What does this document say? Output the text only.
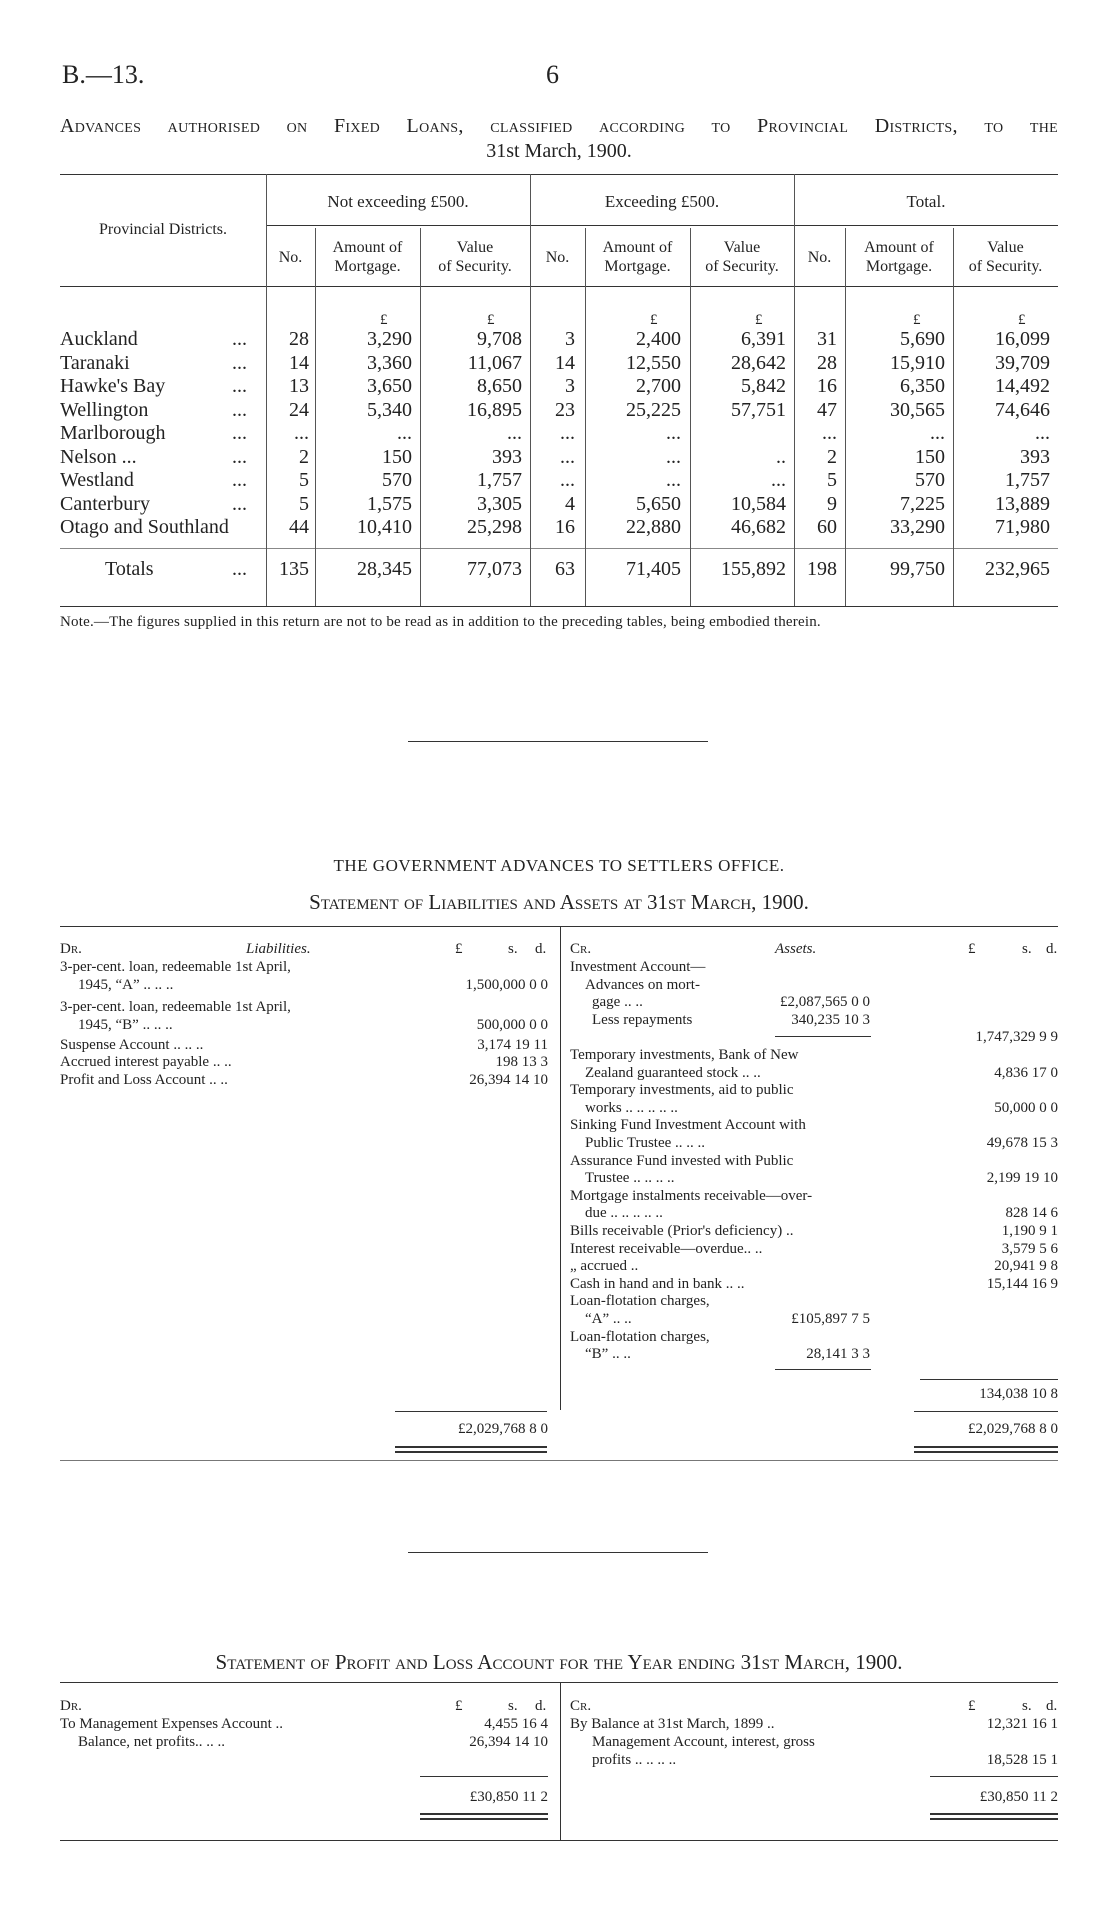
B.—13.	6
Advances authorised on Fixed Loans, classified according to Provincial Districts, to the
31st March, 1900.
Provincial Districts.
Not exceeding £500.	Exceeding £500.	Total.
No.
Amount of
Mortgage.
Value
of Security.
No.
Amount of
Mortgage.
Value
of Security.
No.
Amount of
Mortgage.
Value
of Security.
£	£	£	£	£	£
Auckland	...	28	3,290	9,708	3	2,400	6,391	31	5,690	16,099
Taranaki	...	14	3,360	11,067	14	12,550	28,642	28	15,910	39,709
Hawke's Bay	...	13	3,650	8,650	3	2,700	5,842	16	6,350	14,492
Wellington	...	24	5,340	16,895	23	25,225	57,751	47	30,565	74,646
Marlborough	...	...	...	...	...	...	...	...	...
Nelson ...	...	2	150	393	...	...	..	2	150	393
Westland	...	5	570	1,757	...	...	...	5	570	1,757
Canterbury	...	5	1,575	3,305	4	5,650	10,584	9	7,225	13,889
Otago and Southland	44	10,410	25,298	16	22,880	46,682	60	33,290	71,980
Totals	...	135	28,345	77,073	63	71,405	155,892	198	99,750	232,965
Note.—The figures supplied in this return are not to be read as in addition to the preceding tables, being embodied therein.
THE GOVERNMENT ADVANCES TO SETTLERS OFFICE.
Statement of Liabilities and Assets at 31st March, 1900.
Dr.	Liabilities.	£	s. d. Cr.	Assets.	£	s. d.
3-per-cent. loan, redeemable 1st April,
1945, “A” .. .. ..	1,500,000 0 0
3-per-cent. loan, redeemable 1st April,
1945, “B” .. .. ..	500,000 0 0
Suspense Account .. .. ..	3,174 19 11
Accrued interest payable .. ..	198 13 3
Profit and Loss Account .. ..	26,394 14 10
Investment Account—
Advances on mort-
gage .. ..	£2,087,565 0 0
Less repayments	340,235 10 3
1,747,329 9 9
Temporary investments, Bank of New
Zealand guaranteed stock .. ..	4,836 17 0
Temporary investments, aid to public
works .. .. .. .. ..	50,000 0 0
Sinking Fund Investment Account with
Public Trustee .. .. ..	49,678 15 3
Assurance Fund invested with Public
Trustee .. .. .. ..	2,199 19 10
Mortgage instalments receivable—over-
due .. .. .. .. ..	828 14 6
Bills receivable (Prior's deficiency) ..	1,190 9 1
Interest receivable—overdue.. ..	3,579 5 6
„ accrued ..	20,941 9 8
Cash in hand and in bank .. ..	15,144 16 9
Loan-flotation charges,
“A” .. ..	£105,897 7 5
Loan-flotation charges,
“B” .. ..	28,141 3 3
134,038 10 8
£2,029,768 8 0	£2,029,768 8 0
Statement of Profit and Loss Account for the Year ending 31st March, 1900.
Dr.	£	s. d. Cr.	£	s. d.
To Management Expenses Account ..	4,455 16 4
Balance, net profits.. .. ..	26,394 14 10
By Balance at 31st March, 1899 ..	12,321 16 1
Management Account, interest, gross
profits .. .. .. ..	18,528 15 1
£30,850 11 2	£30,850 11 2
